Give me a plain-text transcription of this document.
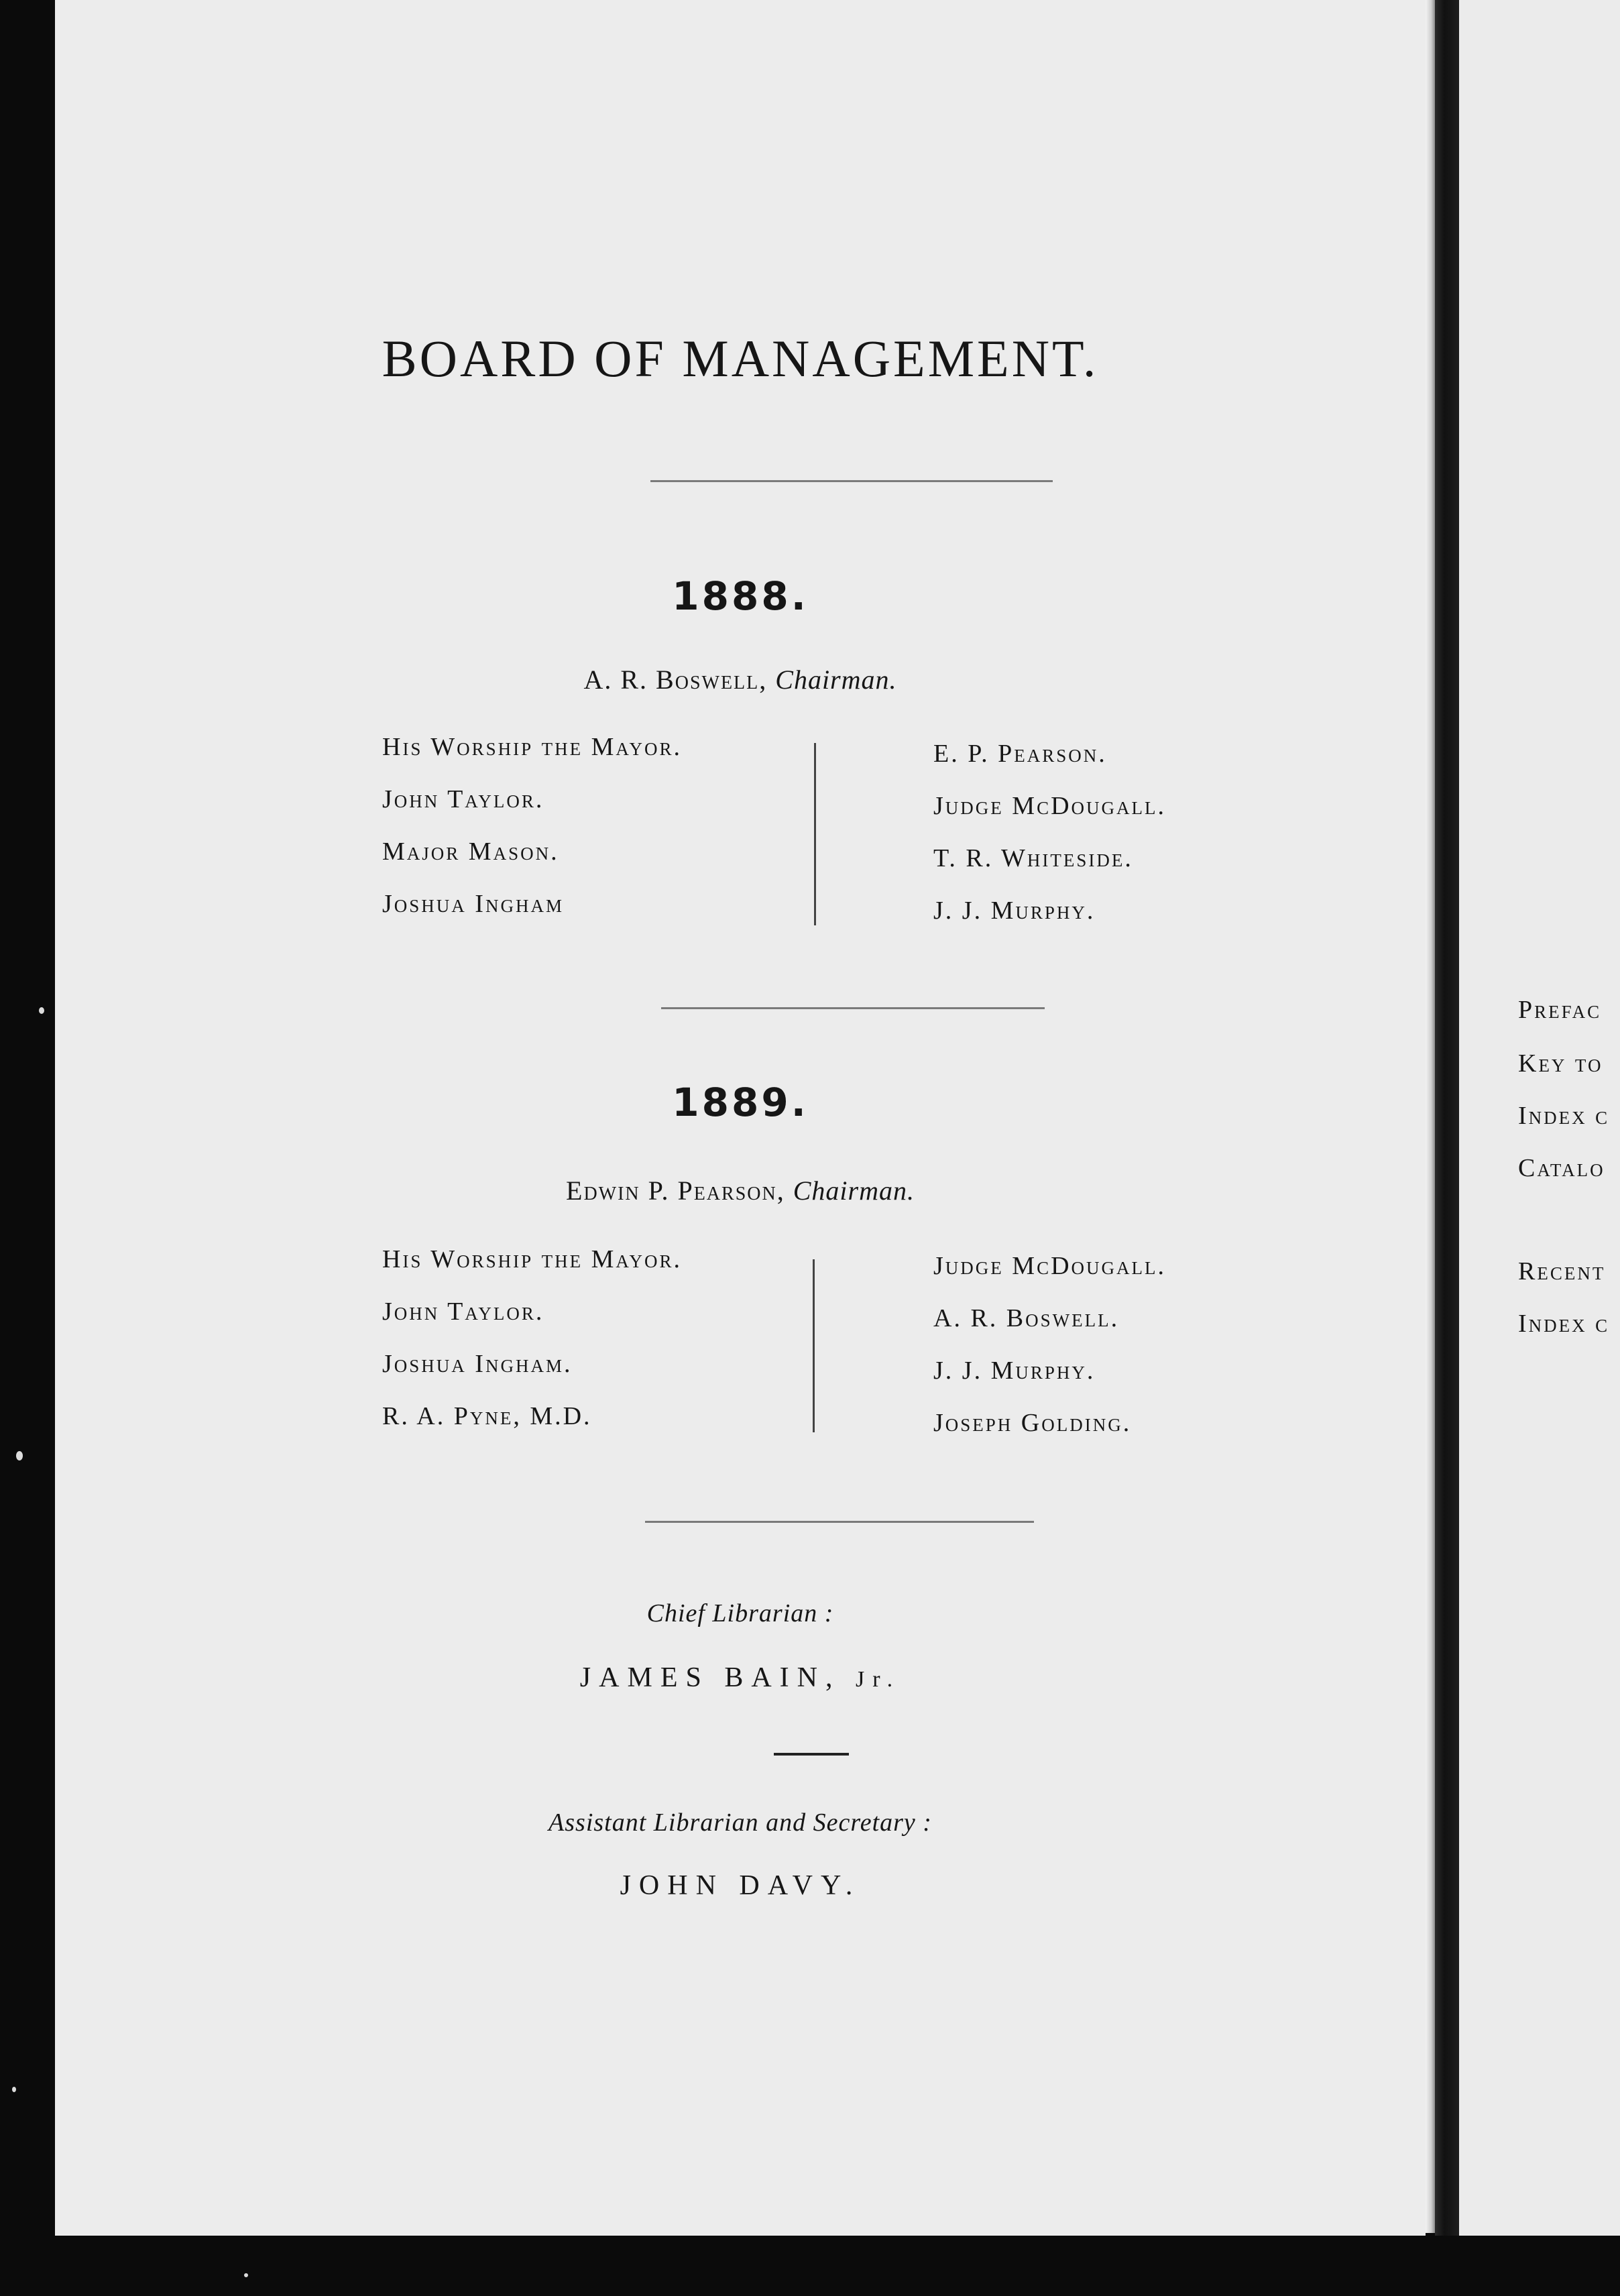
BOARD OF MANAGEMENT.
1888.
A. R. Boswell, Chairman.
His Worship the Mayor.
John Taylor.
Major Mason.
Joshua Ingham
E. P. Pearson.
Judge McDougall.
T. R. Whiteside.
J. J. Murphy.
1889.
Edwin P. Pearson, Chairman.
His Worship the Mayor.
John Taylor.
Joshua Ingham.
R. A. Pyne, M.D.
Judge McDougall.
A. R. Boswell.
J. J. Murphy.
Joseph Golding.
Chief Librarian :
JAMES BAIN, Jr.
Assistant Librarian and Secretary :
JOHN DAVY.
Prefac
Key to
Index c
Catalo
Recent
Index c
